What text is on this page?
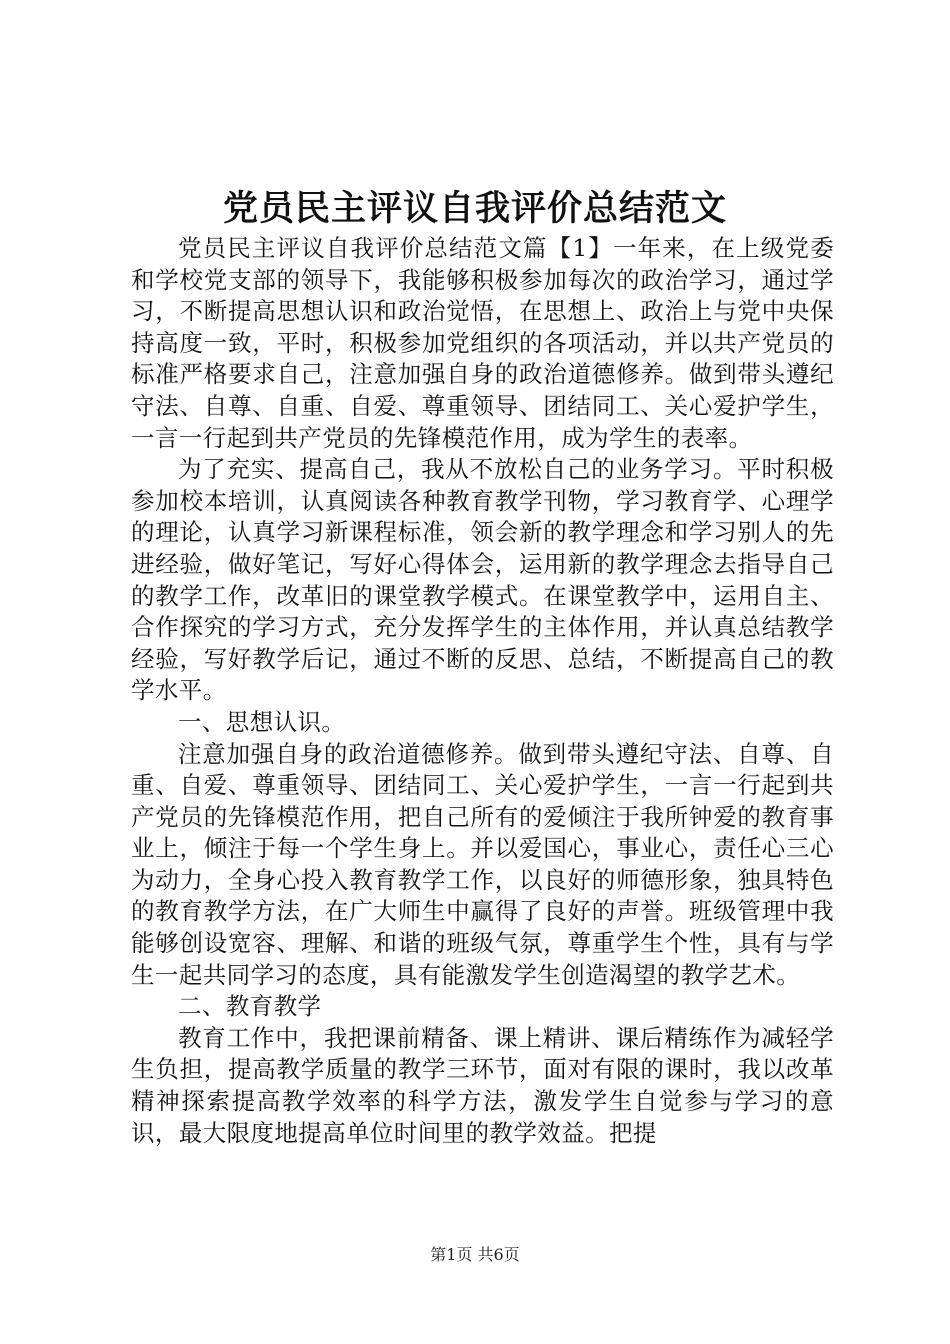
党员民主评议自我评价总结范文

党员民主评议自我评价总结范文篇【1】一年来，在上级党委和学校党支部的领导下，我能够积极参加每次的政治学习，通过学习，不断提高思想认识和政治觉悟，在思想上、政治上与党中央保持高度一致，平时，积极参加党组织的各项活动，并以共产党员的标准严格要求自己，注意加强自身的政治道德修养。做到带头遵纪守法、自尊、自重、自爱、尊重领导、团结同工、关心爱护学生，一言一行起到共产党员的先锋模范作用，成为学生的表率。

为了充实、提高自己，我从不放松自己的业务学习。平时积极参加校本培训，认真阅读各种教育教学刊物，学习教育学、心理学的理论，认真学习新课程标准，领会新的教学理念和学习别人的先进经验，做好笔记，写好心得体会，运用新的教学理念去指导自己的教学工作，改革旧的课堂教学模式。在课堂教学中，运用自主、合作探究的学习方式，充分发挥学生的主体作用，并认真总结教学经验，写好教学后记，通过不断的反思、总结，不断提高自己的教学水平。

一、思想认识。

注意加强自身的政治道德修养。做到带头遵纪守法、自尊、自重、自爱、尊重领导、团结同工、关心爱护学生，一言一行起到共产党员的先锋模范作用，把自己所有的爱倾注于我所钟爱的教育事业上，倾注于每一个学生身上。并以爱国心，事业心，责任心三心为动力，全身心投入教育教学工作，以良好的师德形象，独具特色的教育教学方法，在广大师生中赢得了良好的声誉。班级管理中我能够创设宽容、理解、和谐的班级气氛，尊重学生个性，具有与学生一起共同学习的态度，具有能激发学生创造渴望的教学艺术。

二、教育教学

教育工作中，我把课前精备、课上精讲、课后精练作为减轻学生负担，提高教学质量的教学三环节，面对有限的课时，我以改革精神探索提高教学效率的科学方法，激发学生自觉参与学习的意识，最大限度地提高单位时间里的教学效益。把提

第1页 共6页
